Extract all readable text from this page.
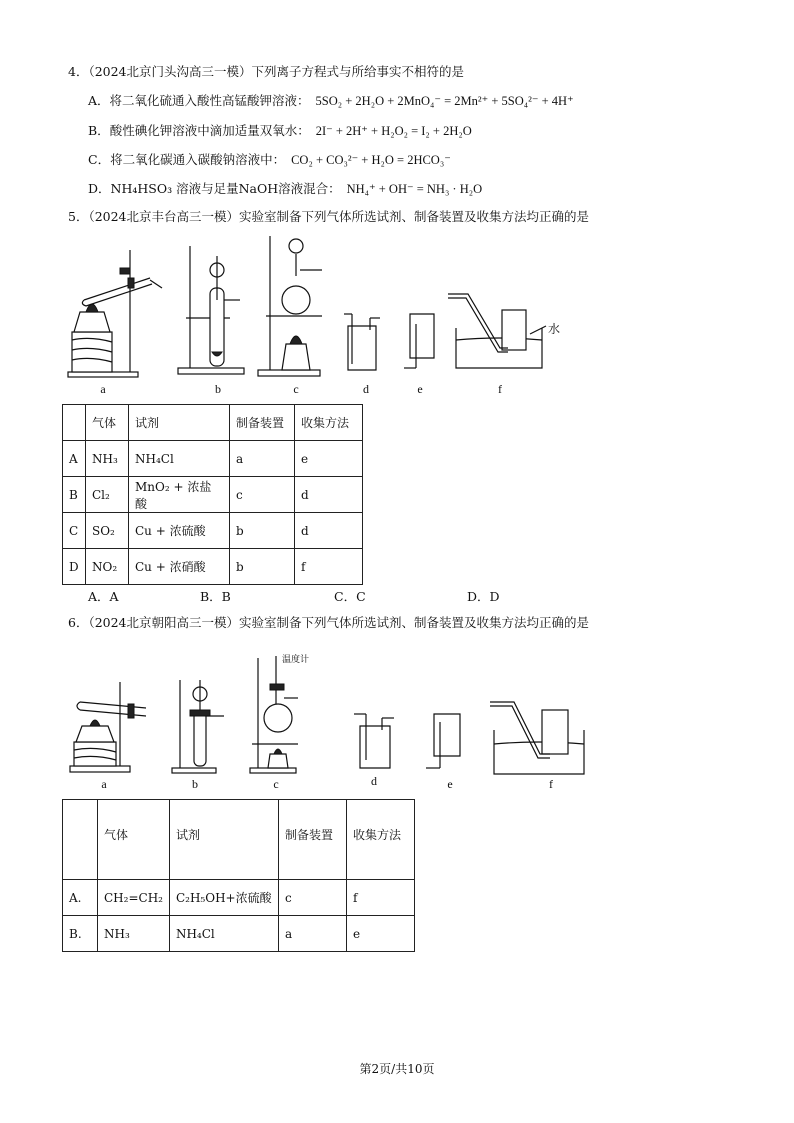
4．（2024北京门头沟高三一模）下列离子方程式与所给事实不相符的是
A．将二氧化硫通入酸性高锰酸钾溶液： 5SO₂ + 2H₂O + 2MnO₄⁻ = 2Mn²⁺ + 5SO₄²⁻ + 4H⁺
B．酸性碘化钾溶液中滴加适量双氧水： 2I⁻ + 2H⁺ + H₂O₂ = I₂ + 2H₂O
C．将二氧化碳通入碳酸钠溶液中： CO₂ + CO₃²⁻ + H₂O = 2HCO₃⁻
D．NH₄HSO₃ 溶液与足量NaOH溶液混合： NH₄⁺ + OH⁻ = NH₃ · H₂O
5．（2024北京丰台高三一模）实验室制备下列气体所选试剂、制备装置及收集方法均正确的是
a	b	c	d	e
水
f
	气体	试剂	制备装置	收集方法
A	NH₃	NH₄Cl	a	e
B	Cl₂	MnO₂ + 浓盐酸	c	d
C	SO₂	Cu + 浓硫酸	b	d
D	NO₂	Cu + 浓硝酸	b	f
A．A	B．B	C．C	D．D
6．（2024北京朝阳高三一模）实验室制备下列气体所选试剂、制备装置及收集方法均正确的是
a	b
温度计
c	d	e	f
	气体	试剂	制备装置	收集方法
A.	CH₂=CH₂	C₂H₅OH+浓硫酸	c	f
B.	NH₃	NH₄Cl	a	e
第2页/共10页
